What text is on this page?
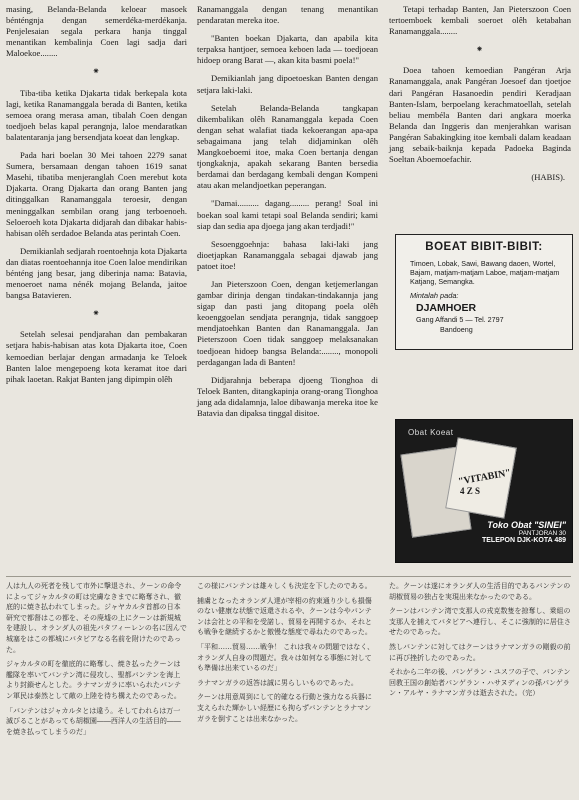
masing, Belanda-Belanda keloear masoek bénténgnja dengan semerdéka-merdékanja. Penjelesaian segala perkara hanja tinggal menantikan kembalinja Coen lagi sadja dari Maloekoe........

⁕

Tiba-tiba ketika Djakarta tidak berkepala kota lagi, ketika Ranamanggala berada di Banten, ketika semoea orang merasa aman, tibalah Coen dengan toedjoeh belas kapal perangnja, laloe mendaratkan balatentaranja jang bersendjata koeat dan lengkap.

Pada hari boelan 30 Mei tahoen 2279 sanat Sumera, bersamaan dengan tahoen 1619 sanat Masehi, tibatiba menjeranglah Coen merebut kota Djakarta. Orang Djakarta dan orang Banten jang ditinggalkan Ranamanggala teroesir, dengan meninggalkan sembilan orang jang terboenoeh. Seloeroeh kota Djakarta didjarah dan dibakar habis-habisan olêh serdadoe Belanda atas perintah Coen.

Demikianlah sedjarah roentoehnja kota Djakarta dan diatas roentoehannja itoe Coen laloe mendirikan bénténg jang besar, jang diberinja nama: Batavia, menoeroet nama nénék mojang Belanda, jaitoe bangsa Batavieren.

⁕

Setelah selesai pendjarahan dan pembakaran setjara habis-habisan atas kota Djakarta itoe, Coen kemoedian berlajar dengan armadanja ke Teloek Banten laloe mengepoeng kota keramat itoe dari pihak laoetan. Rakjat Banten jang dipimpin olêh

Ranamanggala dengan tenang menantikan pendaratan mereka itoe.

"Banten boekan Djakarta, dan apabila kita terpaksa hantjoer, semoea keboen lada — toedjoean hidoep orang Barat —, akan kita basmi poela!"

Demikianlah jang dipoetoeskan Banten dengan setjara laki-laki.

Setelah Belanda-Belanda tangkapan dikembalikan olêh Ranamanggala kepada Coen dengan sehat walafiat tiada kekoerangan apa-apa sebagaimana jang telah didjaminkan olêh Mangkoeboemi itoe, maka Coen bertanja dengan tjongkaknja, apakah sekarang Banten bersedia berdamai dan berdagang kembali dengan Kompeni atau akan melandjoetkan peperangan.

"Damai.......... dagang......... perang! Soal ini boekan soal kami tetapi soal Belanda sendiri; kami siap dan sedia apa djoega jang akan terdjadi!"

Sesoenggoehnja: bahasa laki-laki jang dioetjapkan Ranamanggala sebagai djawab jang patoet itoe!

Jan Pieterszoon Coen, dengan ketjemerlangan gambar dirinja dengan tindakan-tindakannja jang sigap dan pasti jang ditopang poela olêh keoenggoelan sendjata perangnja, tidak sanggoep mendjatoehkan Banten dan Ranamanggala. Jan Pieterszoon Coen tidak sanggoep melaksanakan toedjoean hidoep bangsa Belanda:........, monopoli perdagangan lada di Banten!

Didjarahnja beberapa djoeng Tionghoa di Teloek Banten, ditangkapinja orang-orang Tionghoa jang ada didalamnja, laloe dibawanja mereka itoe ke Batavia dan dipaksa tinggal disitoe.

Tetapi terhadap Banten, Jan Pieterszoon Coen tertoemboek kembali soeroet olêh ketabahan Ranamanggala........

⁕

Doea tahoen kemoedian Pangéran Arja Ranamanggala, anak Pangéran Joesoef dan tjoetjoe dari Pangéran Hasanoedin pendiri Keradjaan Banten-Islam, berpoelang kerachmatoellah, setelah beliau membéla Banten dari angkara moerka Belanda dan Inggeris dan menjerahkan warisan Pangéran Sabakingking itoe kembali dalam keadaan jang sebaik-baiknja kepada Padoeka Baginda Soeltan Aboemoefachir.

(HABIS).
BOEAT BIBIT-BIBIT:
Timoen, Lobak, Sawi, Bawang daoen, Wortel, Bajam, matjam-matjam Laboe, matjam-matjam Katjang, Semangka.
Mintalah pada:
DJAMHOER
Gang Affandi 5 — Tel. 2797
Bandoeng
Obat Koeat
"VITABIN"
4 Z S
Toko Obat "SINEI"
PANTJORAN 30
TELEPON DJK-KOTA 489

人は九人の死者を残して市外に撃退され、クーンの命令によってジャカルタの町は完膚なきまでに略奪され、徹底的に焼き払われてしまった。ジャヤカルタ首都の日本研究で都督はこの都を、その廃墟の上にクーンは新規城を建設し、オランダ人の祖先バタフィーレンの名に因んで城塞をはこの都城にバタビアなる名前を附けたのであった。

ジャカルタの町を徹底的に略奪し、焼き払ったクーンは艦隊を率いてバンテン湾に侵攻し、聖都バンテンを海上より封鎖せんとした。ラナマンガラに率いられたバンテン軍民は泰然として敵の上陸を待ち構えたのであった。

「バンテンはジャカルタとは違う。そしてわれらは万一滅びることがあっても胡椒園――西洋人の生活目的――を焼き払ってしまうのだ」

この様にバンテンは雄々しくも決定を下したのである。

捕虜となったオランダ人達が宰相の約束通り少しも損傷のない健康な状態で返還されるや、クーンは今やバンテンは会社との平和を受諾し、貿易を再開するか、それとも戦争を継続するかと傲慢な態度で尋ねたのであった。

「平和……貿易……戦争！ これは我々の問題ではなく、オランダ人自身の問題だ。我々は如何なる事態に対しても準備は出来ているのだ」

ラナマンガラの返答は誠に男らしいものであった。

クーンは用意周到にして的確なる行動と強力なる兵器に支えられた輝かしい経歴にも拘らずバンテンとラナマンガラを倒すことは出来なかった。

た。クーンは遂にオランダ人の生活目的であるバンテンの胡椒貿易の独占を実現出来なかったのである。

クーンはバンテン湾で支那人の戎克数隻を掠奪し、乗組の支那人を捕えてバタビアへ連行し、そこに強制的に居住させたのであった。

然しバンテンに対してはクーンはラナマンガラの剛毅の前に再び挫折したのであった。

それから二年の後、パンゲラン・ユスフの子で、バンテン回教王国の創始者パンゲラン・ハサヌディンの孫パンゲラン・アルヤ・ラナマンガラは逝去された。（完）
